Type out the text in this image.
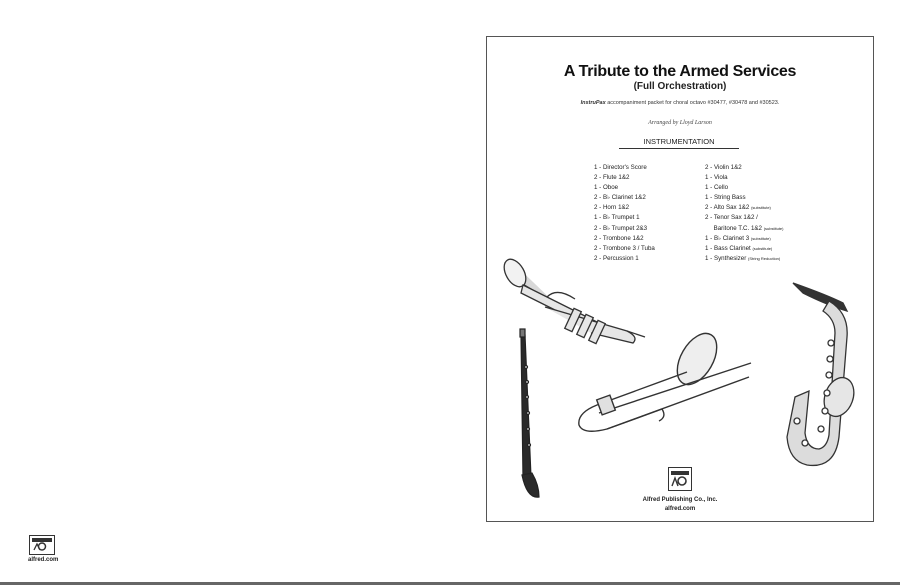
alfred.com
A Tribute to the Armed Services
(Full Orchestration)
InstruPax accompaniment packet for choral octavo #30477, #30478 and #30523.
Arranged by Lloyd Larson
INSTRUMENTATION
1 - Director's Score
2 - Flute 1&2
1 - Oboe
2 - B♭ Clarinet 1&2
2 - Horn 1&2
1 - B♭ Trumpet 1
2 - B♭ Trumpet 2&3
2 - Trombone 1&2
2 - Trombone 3 / Tuba
2 - Percussion 1
2 - Violin 1&2
1 - Viola
1 - Cello
1 - String Bass
2 - Alto Sax 1&2 (substitute)
2 - Tenor Sax 1&2 /
Baritone T.C. 1&2 (substitute)
1 - B♭ Clarinet 3 (substitute)
1 - Bass Clarinet (substitute)
1 - Synthesizer (String Reduction)
Alfred Publishing Co., Inc.
alfred.com
